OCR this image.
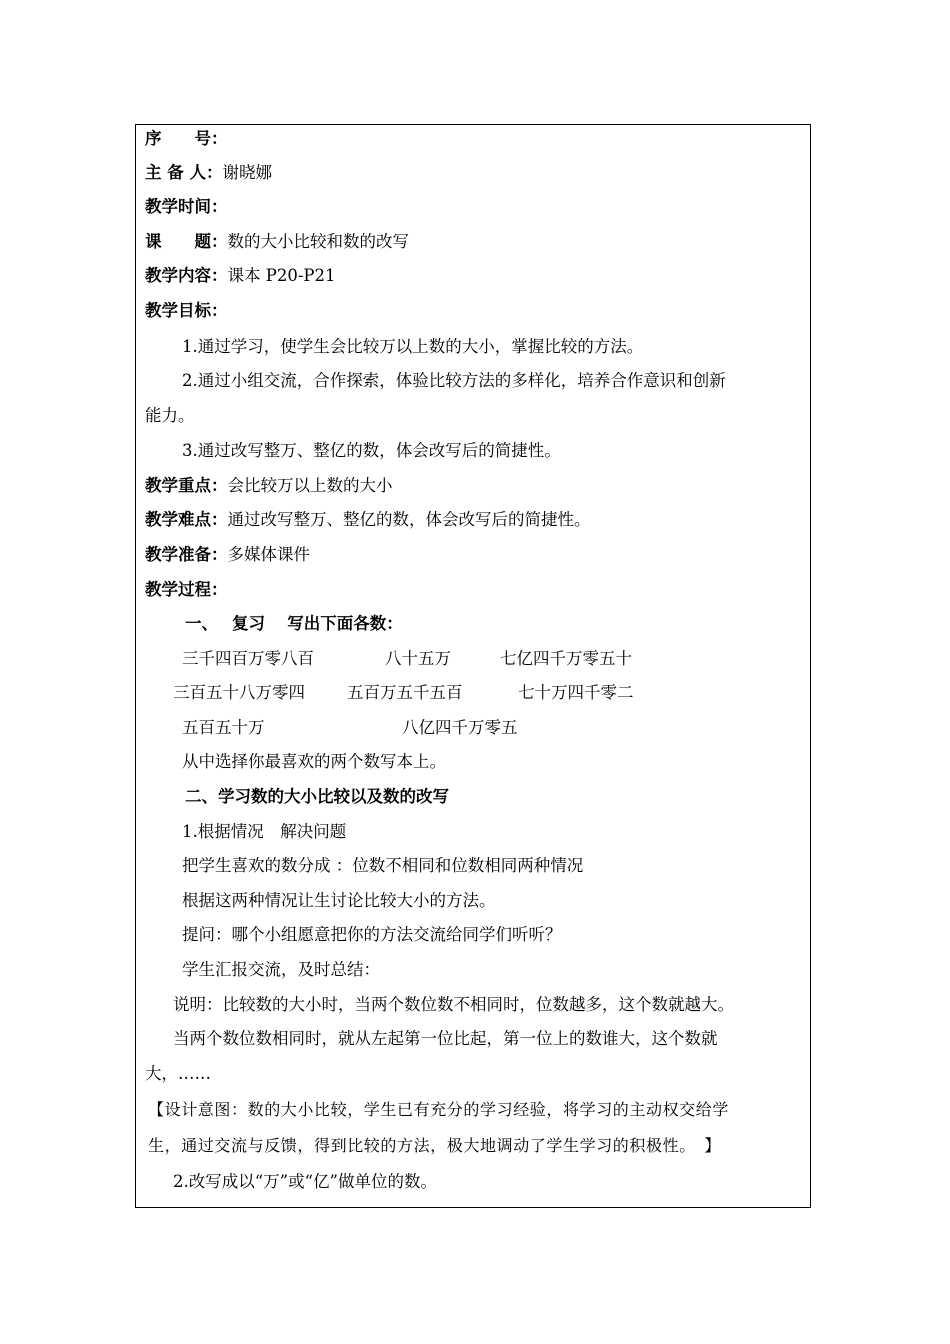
序　　号：
主 备 人：谢晓娜
教学时间：
课　　题：数的大小比较和数的改写
教学内容：课本 P20-P21
教学目标：
1.通过学习，使学生会比较万以上数的大小，掌握比较的方法。
2.通过小组交流，合作探索，体验比较方法的多样化，培养合作意识和创新
能力。
3.通过改写整万、整亿的数，体会改写后的简捷性。
教学重点：会比较万以上数的大小
教学难点：通过改写整万、整亿的数，体会改写后的简捷性。
教学准备：多媒体课件
教学过程：
一、　 复习　 写出下面各数：
三千四百万零八百	八十五万	七亿四千万零五十
三百五十八万零四	五百万五千五百	七十万四千零二
五百五十万	八亿四千万零五
从中选择你最喜欢的两个数写本上。
二、学习数的大小比较以及数的改写
1.根据情况　解决问题
把学生喜欢的数分成 ：位数不相同和位数相同两种情况
根据这两种情况让生讨论比较大小的方法。
提问：哪个小组愿意把你的方法交流给同学们听听？
学生汇报交流，及时总结：
说明：比较数的大小时，当两个数位数不相同时，位数越多，这个数就越大。
当两个数位数相同时，就从左起第一位比起，第一位上的数谁大，这个数就
大，……
【设计意图：数的大小比较，学生已有充分的学习经验，将学习的主动权交给学
生，通过交流与反馈，得到比较的方法，极大地调动了学生学习的积极性。　】
2.改写成以“万”或“亿”做单位的数。
